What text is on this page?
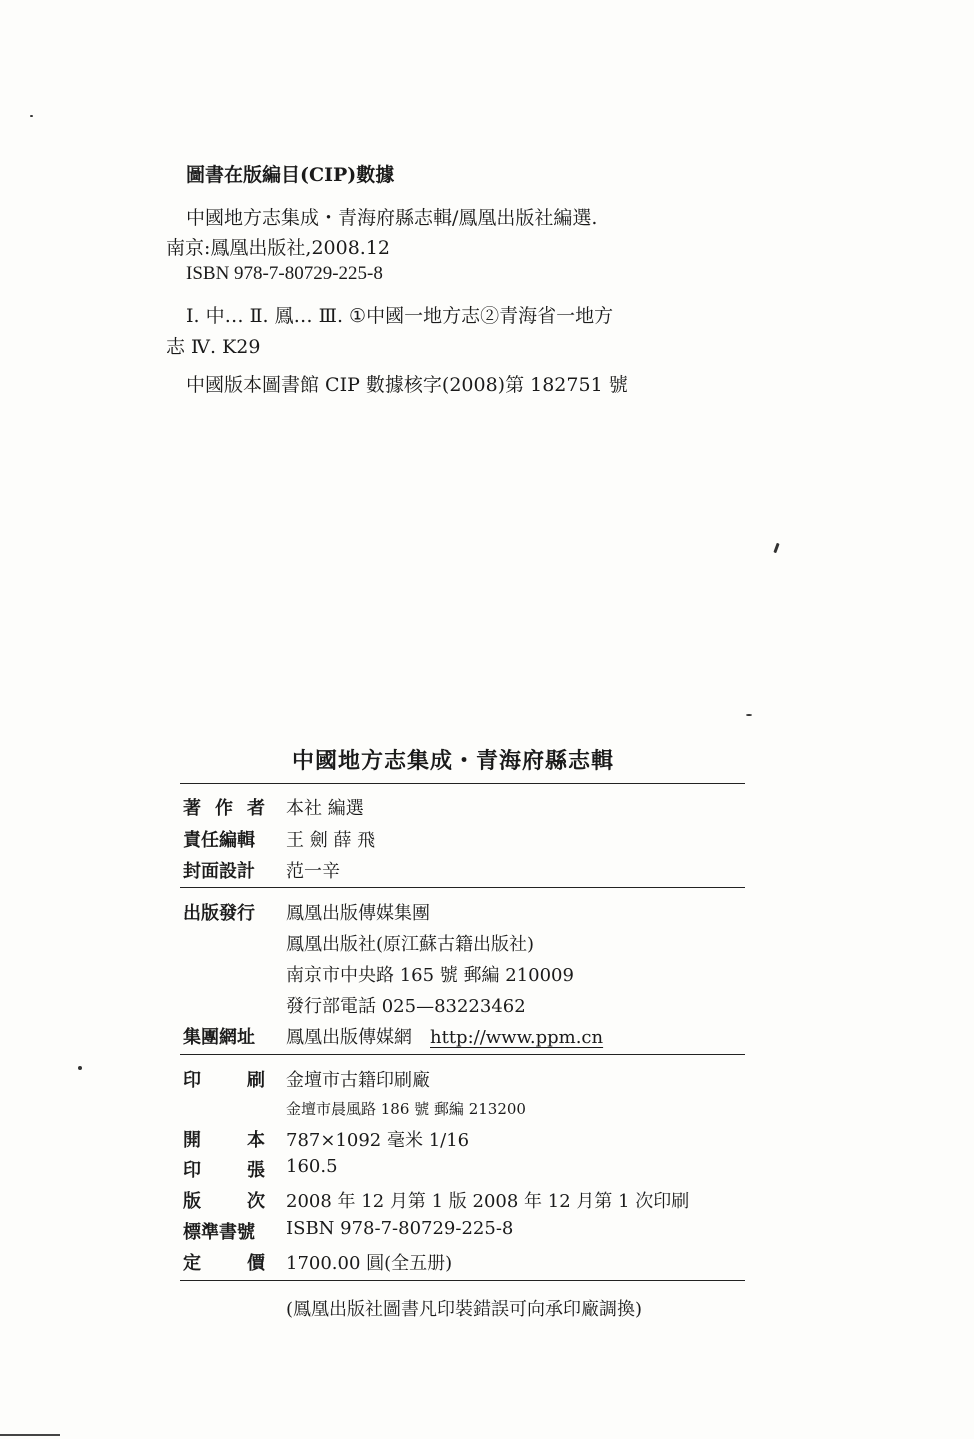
圖書在版編目(CIP)數據
中國地方志集成・青海府縣志輯/鳳凰出版社編選.
南京:鳳凰出版社,2008.12
ISBN 978-7-80729-225-8
Ⅰ. 中… Ⅱ. 鳳… Ⅲ. ①中國一地方志②青海省一地方
志 Ⅳ. K29
中國版本圖書館 CIP 數據核字(2008)第 182751 號
中國地方志集成・青海府縣志輯
著 作 者 本社 編選
責任編輯 王 劍 薛 飛
封面設計 范一辛
出版發行 鳳凰出版傳媒集團
鳳凰出版社(原江蘇古籍出版社)
南京市中央路 165 號 郵編 210009
發行部電話 025—83223462
集團網址 鳳凰出版傳媒網 http://www.ppm.cn
印	刷 金壇市古籍印刷廠
金壇市晨風路 186 號 郵編 213200
開	本 787×1092 毫米 1/16
印	張 160.5
版	次 2008 年 12 月第 1 版 2008 年 12 月第 1 次印刷
標準書號 ISBN 978-7-80729-225-8
定	價 1700.00 圓(全五册)
(鳳凰出版社圖書凡印裝錯誤可向承印廠調換)
